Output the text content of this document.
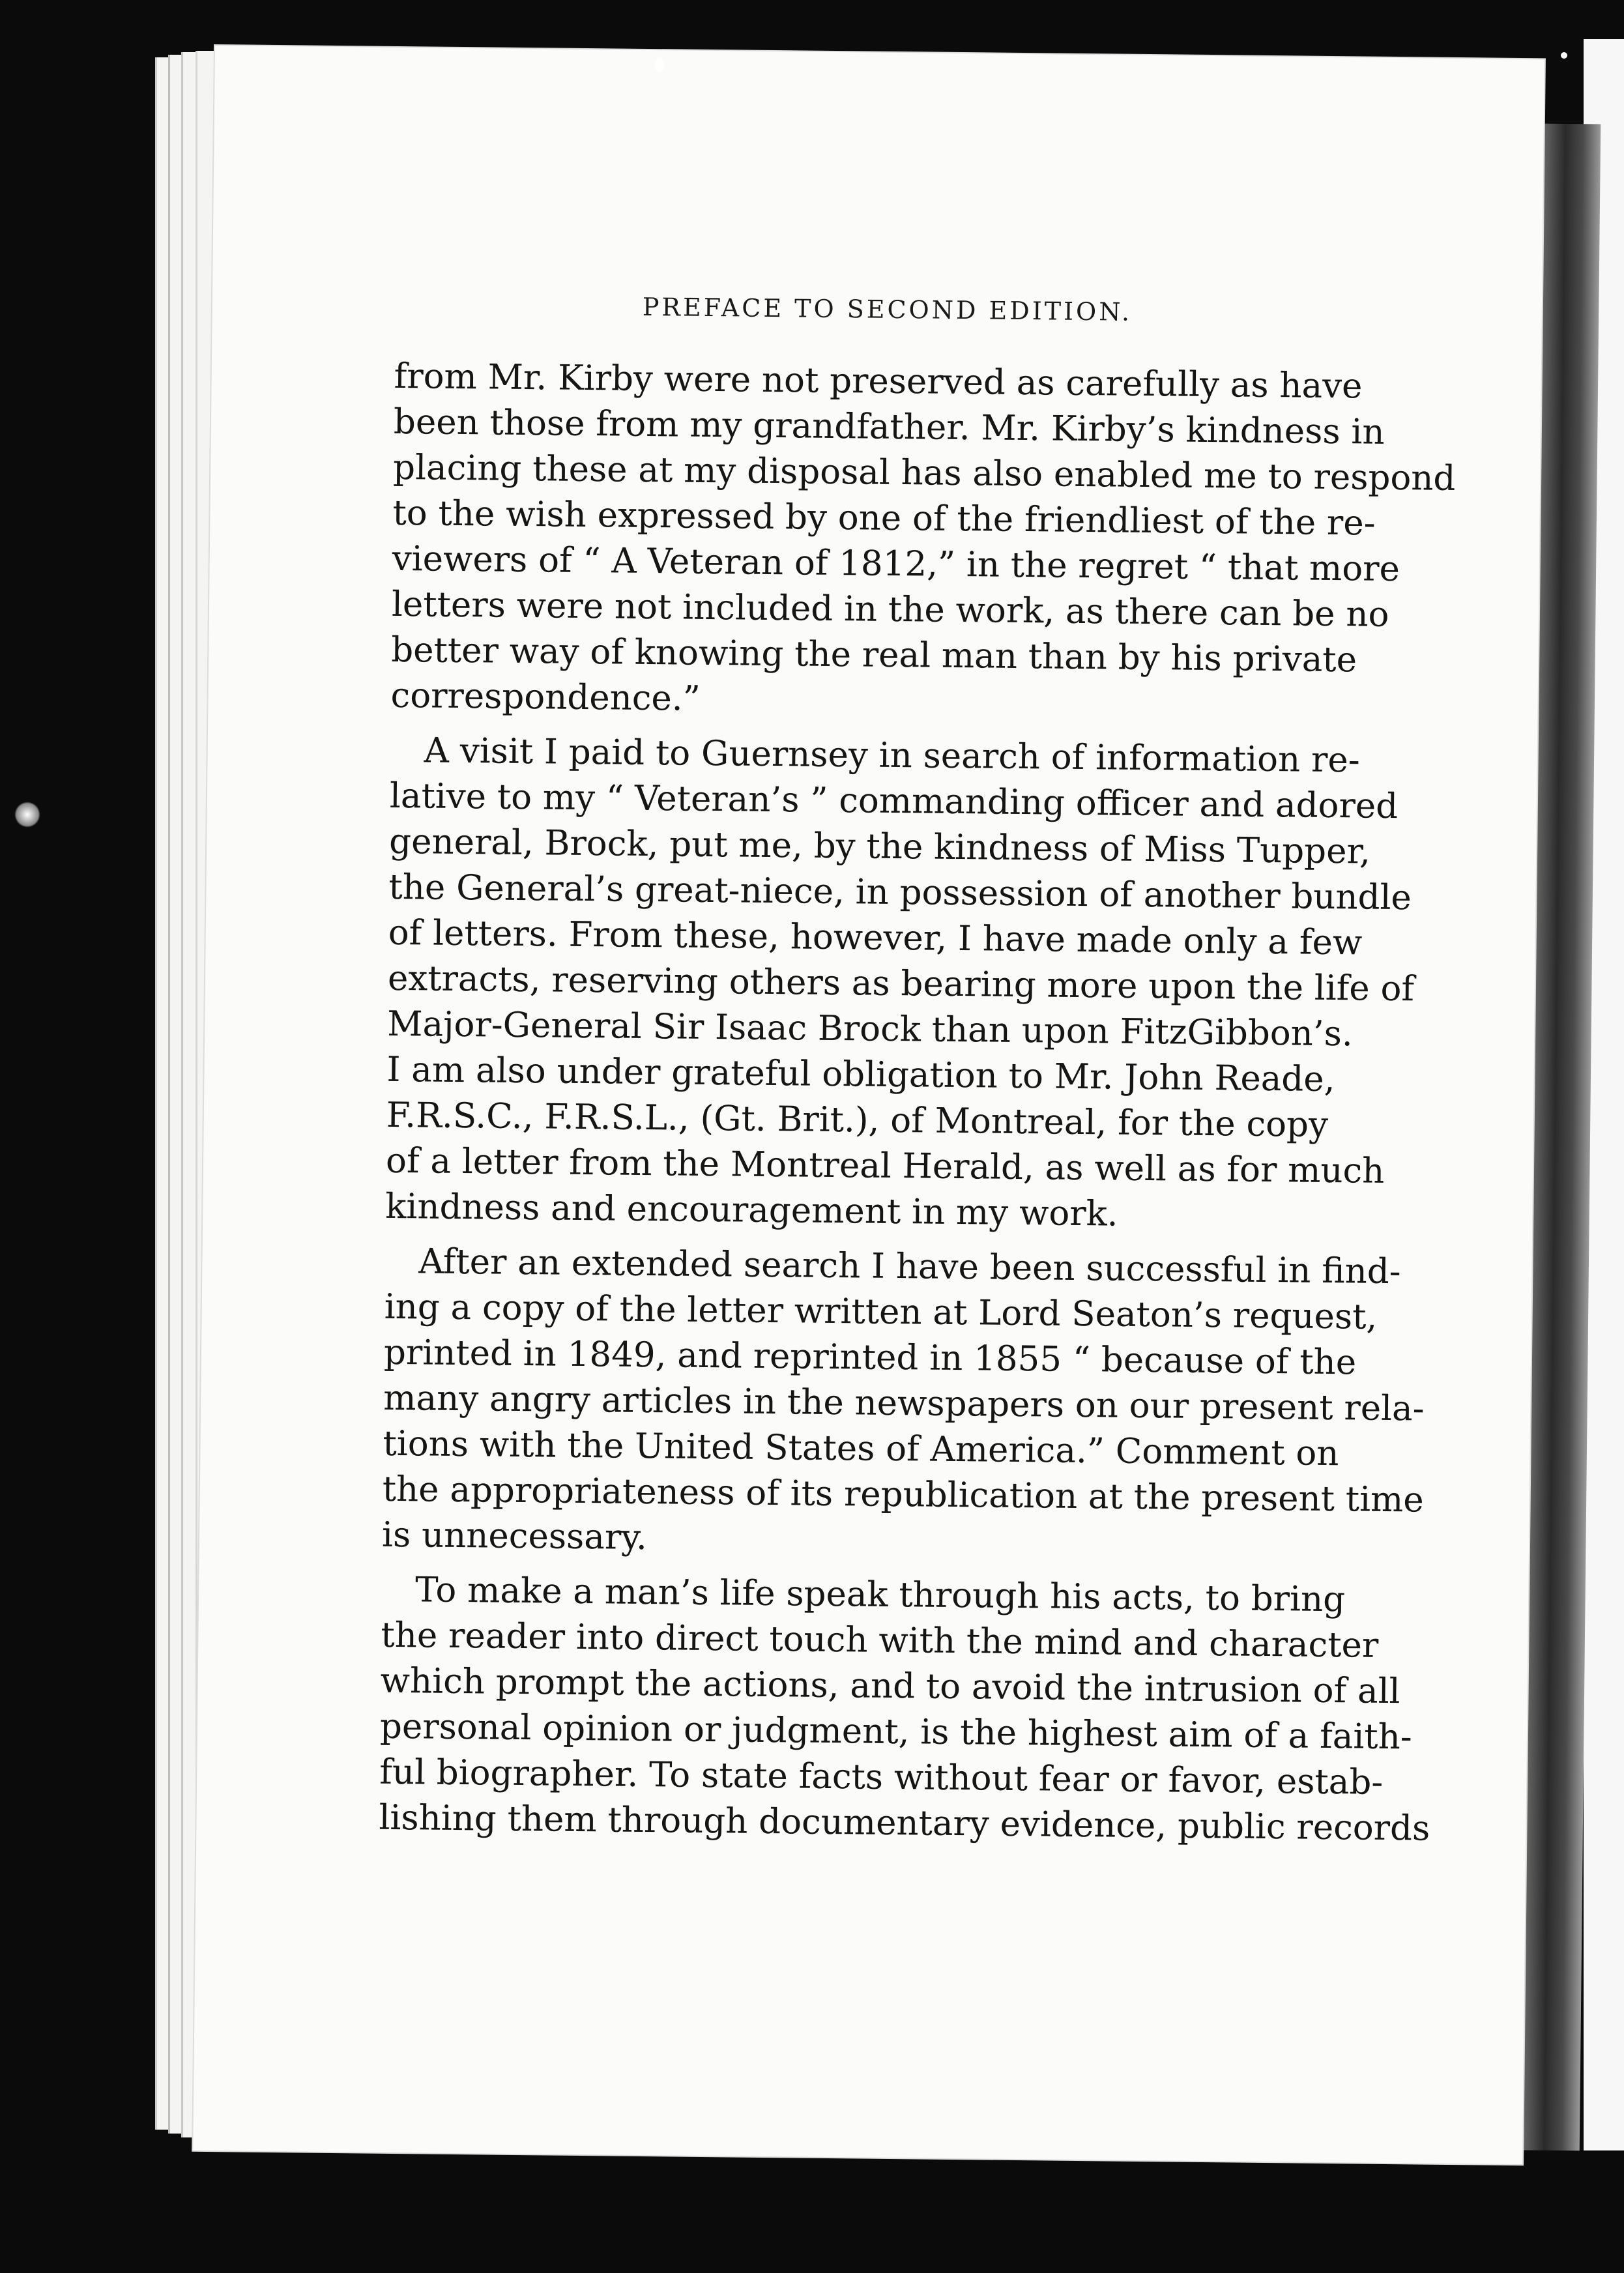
PREFACE TO SECOND EDITION.
from Mr. Kirby were not preserved as carefully as have
been those from my grandfather. Mr. Kirby’s kindness in
placing these at my disposal has also enabled me to respond
to the wish expressed by one of the friendliest of the re-
viewers of “ A Veteran of 1812,” in the regret “ that more
letters were not included in the work, as there can be no
better way of knowing the real man than by his private
correspondence.”
A visit I paid to Guernsey in search of information re-
lative to my “ Veteran’s ” commanding officer and adored
general, Brock, put me, by the kindness of Miss Tupper,
the General’s great-niece, in possession of another bundle
of letters. From these, however, I have made only a few
extracts, reserving others as bearing more upon the life of
Major-General Sir Isaac Brock than upon FitzGibbon’s.
I am also under grateful obligation to Mr. John Reade,
F.R.S.C., F.R.S.L., (Gt. Brit.), of Montreal, for the copy
of a letter from the Montreal Herald, as well as for much
kindness and encouragement in my work.
After an extended search I have been successful in find-
ing a copy of the letter written at Lord Seaton’s request,
printed in 1849, and reprinted in 1855 “ because of the
many angry articles in the newspapers on our present rela-
tions with the United States of America.” Comment on
the appropriateness of its republication at the present time
is unnecessary.
To make a man’s life speak through his acts, to bring
the reader into direct touch with the mind and character
which prompt the actions, and to avoid the intrusion of all
personal opinion or judgment, is the highest aim of a faith-
ful biographer. To state facts without fear or favor, estab-
lishing them through documentary evidence, public records
